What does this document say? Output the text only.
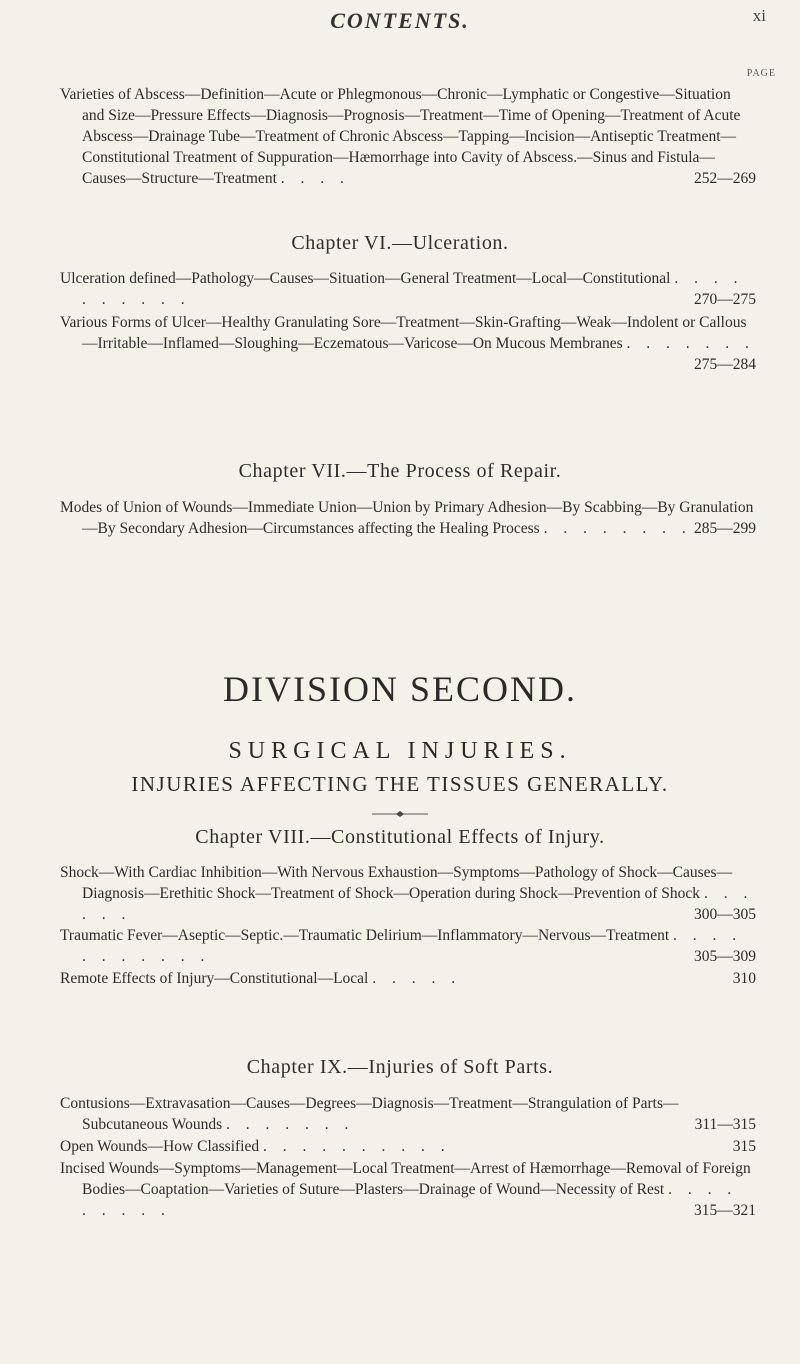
CONTENTS.	xi
PAGE

Varieties of Abscess—Definition—Acute or Phlegmonous—Chronic—Lymphatic or Congestive—Situation and Size—Pressure Effects—Diagnosis—Prognosis—Treatment—Time of Opening—Treatment of Acute Abscess—Drainage Tube—Treatment of Chronic Abscess—Tapping—Incision—Antiseptic Treatment—Constitutional Treatment of Suppuration—Hæmorrhage into Cavity of Abscess.—Sinus and Fistula—Causes—Structure—Treatment . . . .	252—269

Chapter VI.—Ulceration.

Ulceration defined—Pathology—Causes—Situation—General Treatment—Local—Constitutional . . . . . . . . . .	270—275

Various Forms of Ulcer—Healthy Granulating Sore—Treatment—Skin-Grafting—Weak—Indolent or Callous—Irritable—Inflamed—Sloughing—Eczematous—Varicose—On Mucous Membranes . . . . . . .
275—284

Chapter VII.—The Process of Repair.

Modes of Union of Wounds—Immediate Union—Union by Primary Adhesion—By Scabbing—By Granulation—By Secondary Adhesion—Circumstances affecting the Healing Process . . . . . . . . 285—299

DIVISION SECOND.
SURGICAL INJURIES.
INJURIES AFFECTING THE TISSUES GENERALLY.
Chapter VIII.—Constitutional Effects of Injury.

Shock—With Cardiac Inhibition—With Nervous Exhaustion—Symptoms—Pathology of Shock—Causes—Diagnosis—Erethitic Shock—Treatment of Shock—Operation during Shock—Prevention of Shock . . . . . .	300—305

Traumatic Fever—Aseptic—Septic.—Traumatic Delirium—Inflammatory—Nervous—Treatment . . . . . . . . . . .	305—309

Remote Effects of Injury—Constitutional—Local . . . . .	310

Chapter IX.—Injuries of Soft Parts.

Contusions—Extravasation—Causes—Degrees—Diagnosis—Treatment—Strangulation of Parts—Subcutaneous Wounds . . . . . . .	311—315

Open Wounds—How Classified . . . . . . . . . .	315

Incised Wounds—Symptoms—Management—Local Treatment—Arrest of Hæmorrhage—Removal of Foreign Bodies—Coaptation—Varieties of Suture—Plasters—Drainage of Wound—Necessity of Rest . . . . . . . . .	315—321
